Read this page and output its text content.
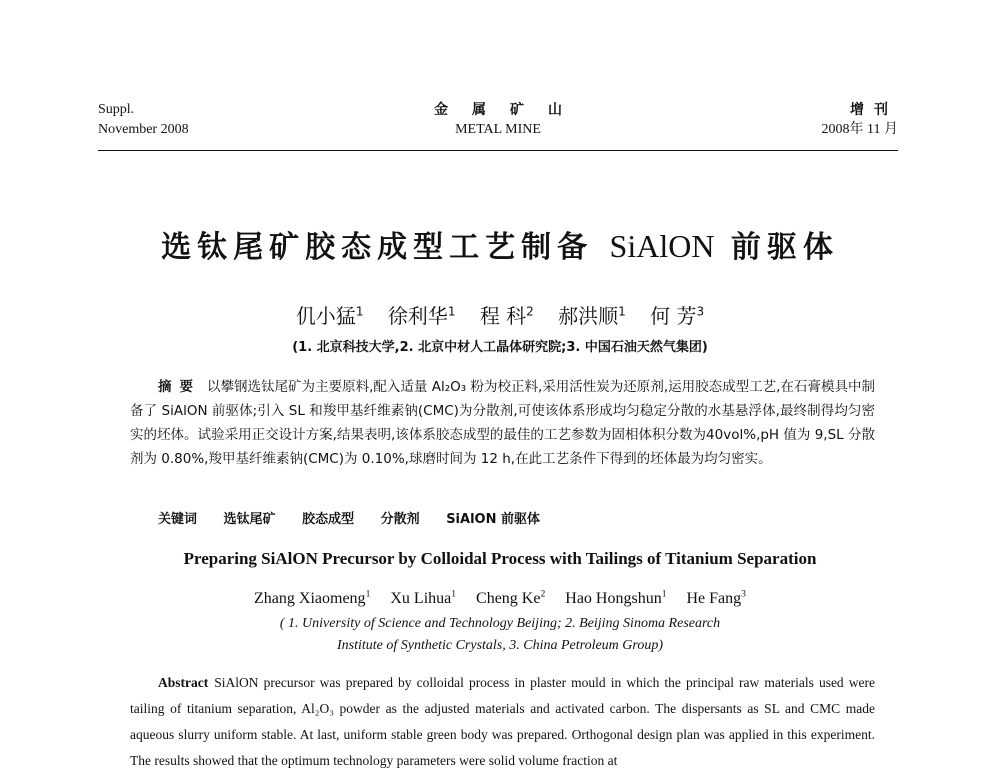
Suppl.
November 2008
金属矿山
METAL MINE
增刊
2008年 11 月
选钛尾矿胶态成型工艺制备 SiAlON 前驱体
仉小猛$^1$ 徐利华$^1$ 程 科$^2$ 郝洪顺$^1$ 何 芳$^3$
(1. 北京科技大学,2. 北京中材人工晶体研究院;3. 中国石油天然气集团)
摘要 以攀钢选钛尾矿为主要原料,配入适量 Al₂O₃ 粉为校正料,采用活性炭为还原剂,运用胶态成型工艺,在石膏模具中制备了 SiAlON 前驱体;引入 SL 和羧甲基纤维素钠(CMC)为分散剂,可使该体系形成均匀稳定分散的水基悬浮体,最终制得均匀密实的坯体。试验采用正交设计方案,结果表明,该体系胶态成型的最佳的工艺参数为固相体积分数为40vol%,pH 值为 9,SL 分散剂为 0.80%,羧甲基纤维素钠(CMC)为 0.10%,球磨时间为 12 h,在此工艺条件下得到的坯体最为均匀密实。
关键词 选钛尾矿 胶态成型 分散剂 SiAlON 前驱体
Preparing SiAlON Precursor by Colloidal Process with Tailings of Titanium Separation
Zhang Xiaomeng$^1$ Xu Lihua$^1$ Cheng Ke$^2$ Hao Hongshun$^1$ He Fang$^3$
( 1. University of Science and Technology Beijing; 2. Beijing Sinoma Research
Institute of Synthetic Crystals, 3. China Petroleum Group)
Abstract SiAlON precursor was prepared by colloidal process in plaster mould in which the principal raw materials used were tailing of titanium separation, Al₂O₃ powder as the adjusted materials and activated carbon. The dispersants as SL and CMC made aqueous slurry uniform stable. At last, uniform stable green body was prepared. Orthogonal design plan was applied in this experiment. The results showed that the optimum technology parameters were solid volume fraction at
